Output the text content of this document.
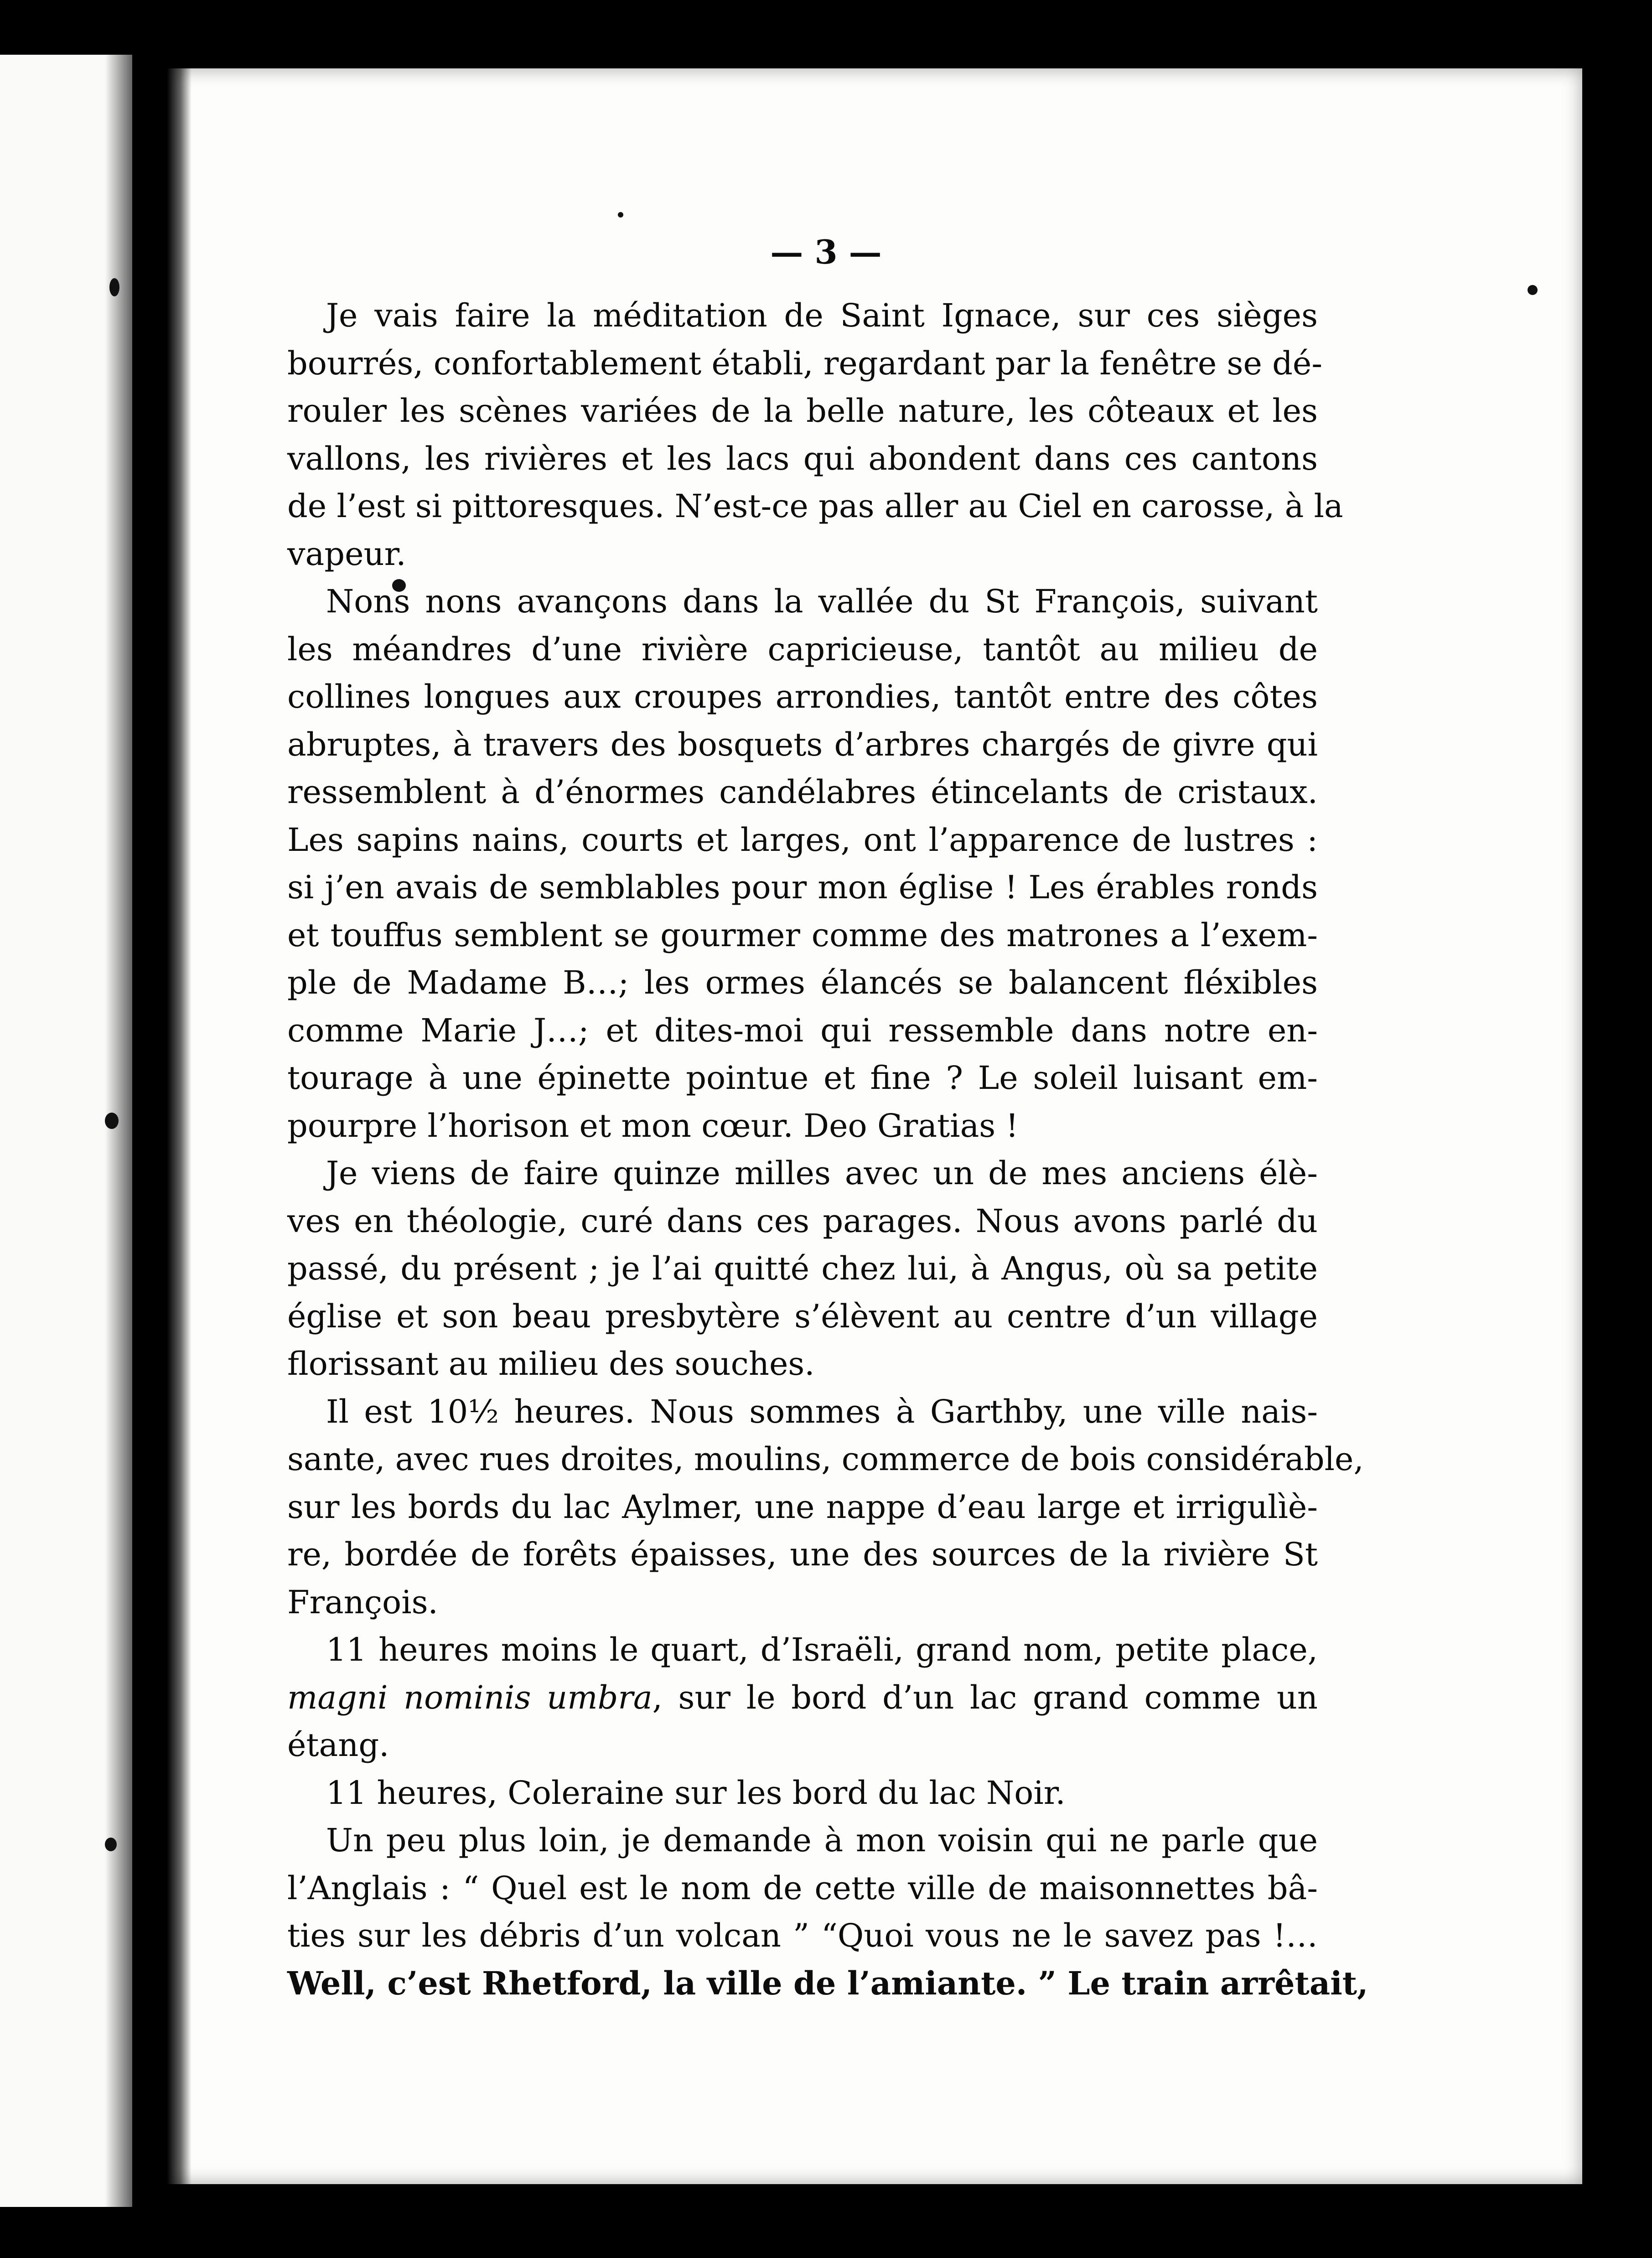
— 3 —
Je vais faire la méditation de Saint Ignace, sur ces sièges
bourrés, confortablement établi, regardant par la fenêtre se dé-
rouler les scènes variées de la belle nature, les côteaux et les
vallons, les rivières et les lacs qui abondent dans ces cantons
de l’est si pittoresques. N’est-ce pas aller au Ciel en carosse, à la
vapeur.
Nons nons avançons dans la vallée du St François, suivant
les méandres d’une rivière capricieuse, tantôt au milieu de
collines longues aux croupes arrondies, tantôt entre des côtes
abruptes, à travers des bosquets d’arbres chargés de givre qui
ressemblent à d’énormes candélabres étincelants de cristaux.
Les sapins nains, courts et larges, ont l’apparence de lustres :
si j’en avais de semblables pour mon église ! Les érables ronds
et touffus semblent se gourmer comme des matrones a l’exem-
ple de Madame B…; les ormes élancés se balancent fléxibles
comme Marie J…; et dites-moi qui ressemble dans notre en-
tourage à une épinette pointue et fine ? Le soleil luisant em-
pourpre l’horison et mon cœur. Deo Gratias !
Je viens de faire quinze milles avec un de mes anciens élè-
ves en théologie, curé dans ces parages. Nous avons parlé du
passé, du présent ; je l’ai quitté chez lui, à Angus, où sa petite
église et son beau presbytère s’élèvent au centre d’un village
florissant au milieu des souches.
Il est 10½ heures. Nous sommes à Garthby, une ville nais-
sante, avec rues droites, moulins, commerce de bois considérable,
sur les bords du lac Aylmer, une nappe d’eau large et irrigulìè-
re, bordée de forêts épaisses, une des sources de la rivière St
François.
11 heures moins le quart, d’Israëli, grand nom, petite place,
magni nominis umbra, sur le bord d’un lac grand comme un
étang.
11 heures, Coleraine sur les bord du lac Noir.
Un peu plus loin, je demande à mon voisin qui ne parle que
l’Anglais : “ Quel est le nom de cette ville de maisonnettes bâ-
ties sur les débris d’un volcan ” “Quoi vous ne le savez pas !…
Well, c’est Rhetford, la ville de l’amiante. ” Le train arrêtait,
